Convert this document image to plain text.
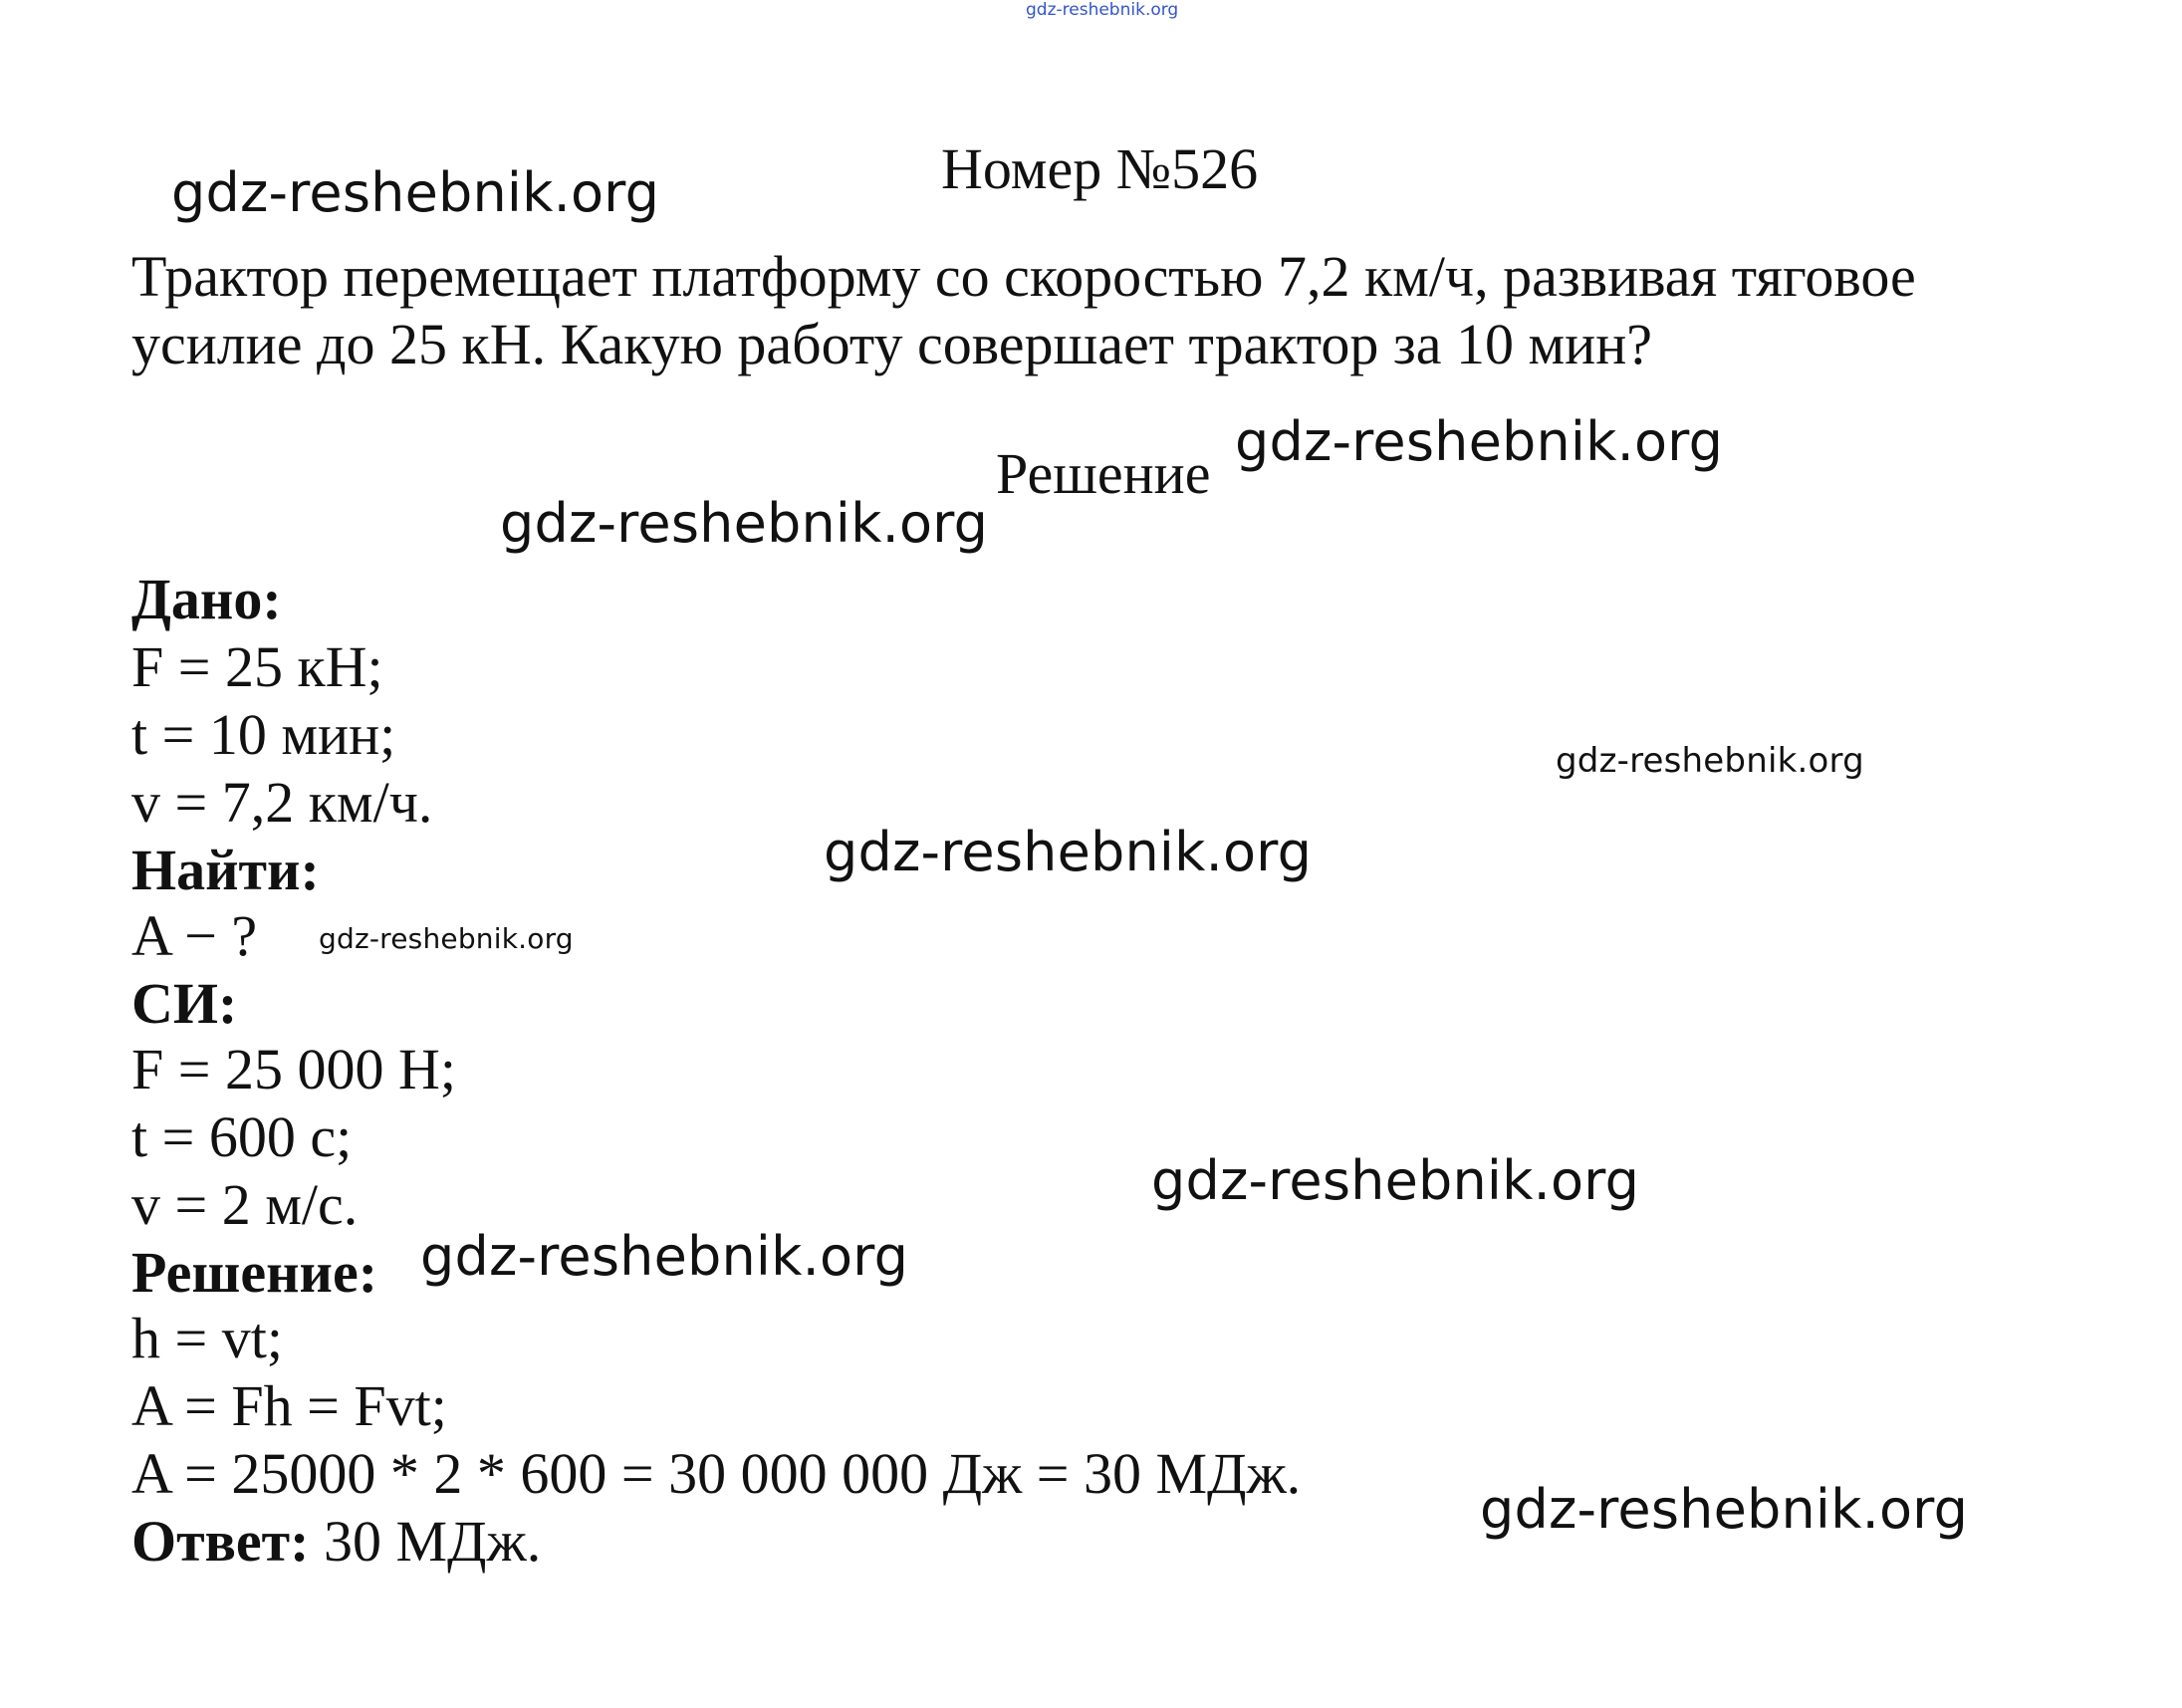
gdz-reshebnik.org
Номер №526
gdz-reshebnik.org
Трактор перемещает платформу со скоростью 7,2 км/ч, развивая тяговое
усилие до 25 кН. Какую работу совершает трактор за 10 мин?
Решение gdz-reshebnik.org
gdz-reshebnik.org
Дано:
F = 25 кН;
t = 10 мин;
v = 7,2 км/ч.
gdz-reshebnik.org
gdz-reshebnik.org
Найти:
A − ? gdz-reshebnik.org
СИ:
F = 25 000 Н;
t = 600 с;
v = 2 м/с.	gdz-reshebnik.org
Решение: gdz-reshebnik.org
h = vt;
A = Fh = Fvt;
A = 25000 * 2 * 600 = 30 000 000 Дж = 30 МДж.
gdz-reshebnik.org
Ответ: 30 МДж.
